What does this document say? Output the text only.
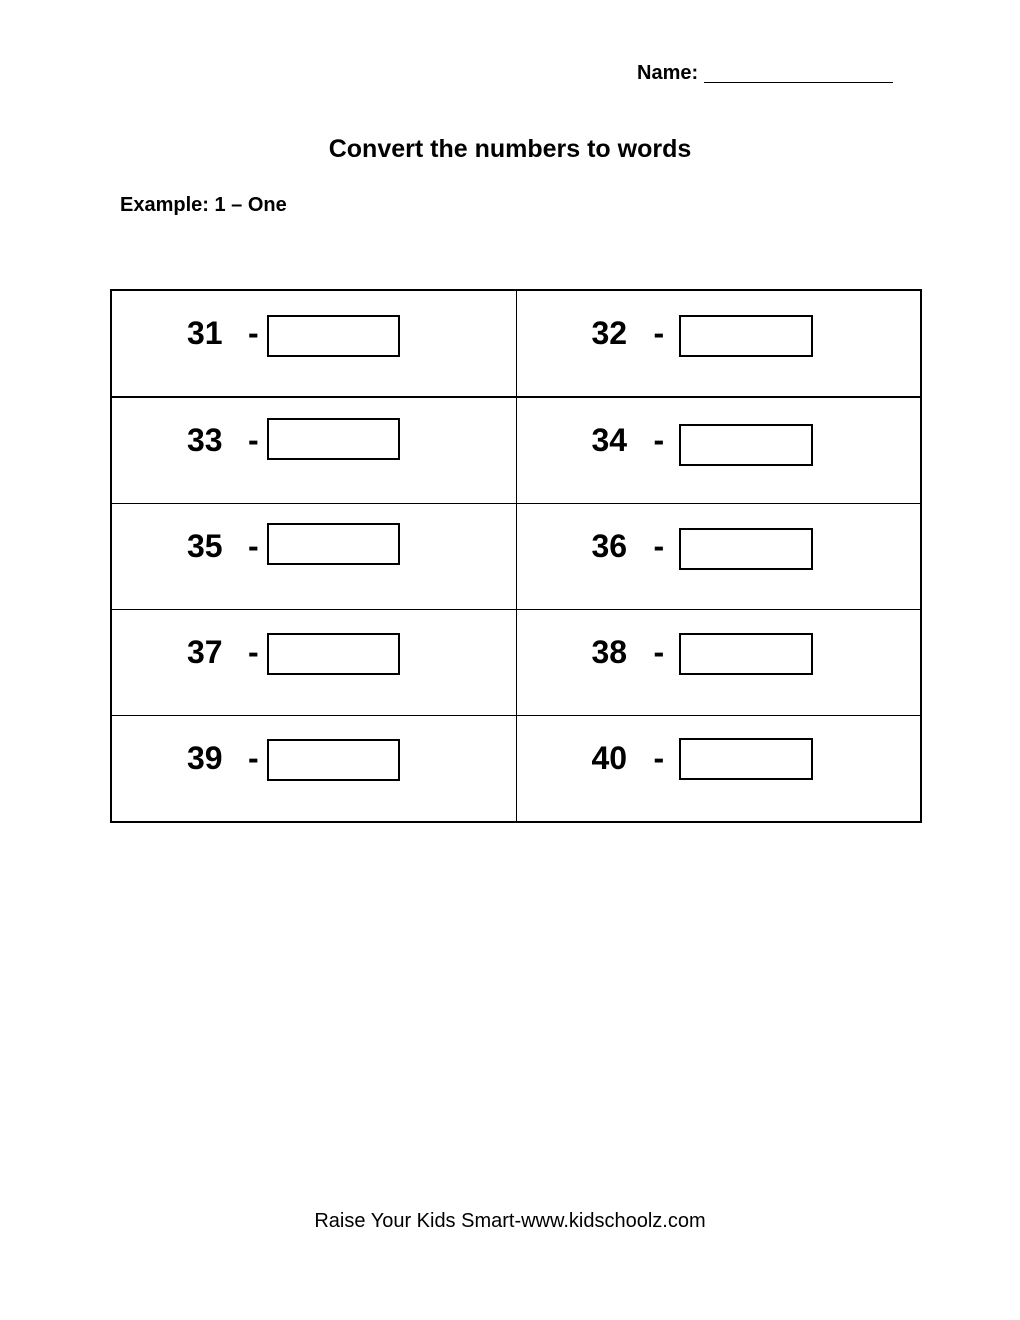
Name:
Convert the numbers to words
Example: 1 – One
31 -	32 -

33 -	34 -

35 -	36 -

37 -	38 -

39 -	40 -
Raise Your Kids Smart-www.kidschoolz.com
